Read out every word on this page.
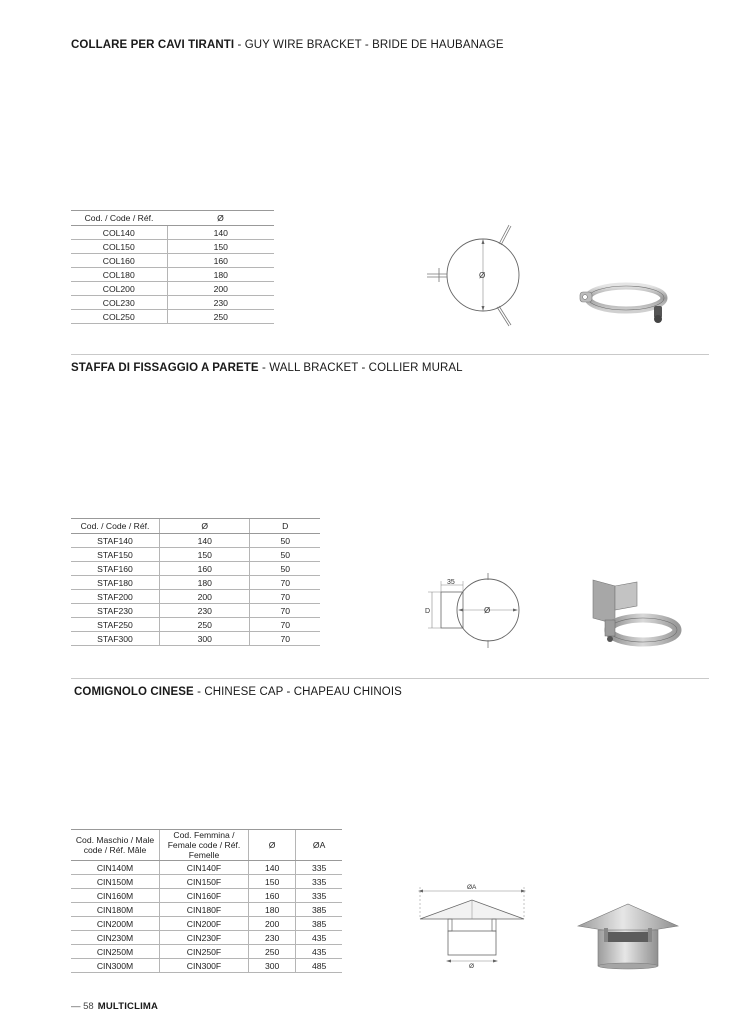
COLLARE PER CAVI TIRANTI - GUY WIRE BRACKET - BRIDE DE HAUBANAGE
Cod. / Code / Réf.	Ø
COL140	140
COL150	150
COL160	160
COL180	180
COL200	200
COL230	230
COL250	250
Ø
STAFFA DI FISSAGGIO A PARETE - WALL BRACKET - COLLIER MURAL
Cod. / Code / Réf.	Ø	D
STAF140	140	50
STAF150	150	50
STAF160	160	50
STAF180	180	70
STAF200	200	70
STAF230	230	70
STAF250	250	70
STAF300	300	70
35
D	Ø
COMIGNOLO CINESE - CHINESE CAP - CHAPEAU CHINOIS
Cod. Maschio / Male code / Réf. Mâle	Cod. Femmina / Female code / Réf. Femelle	Ø	ØA
CIN140M	CIN140F	140	335
CIN150M	CIN150F	150	335
CIN160M	CIN160F	160	335
CIN180M	CIN180F	180	385
CIN200M	CIN200F	200	385
CIN230M	CIN230F	230	435
CIN250M	CIN250F	250	435
CIN300M	CIN300F	300	485
ØA
Ø
— 58 MULTICLIMA
